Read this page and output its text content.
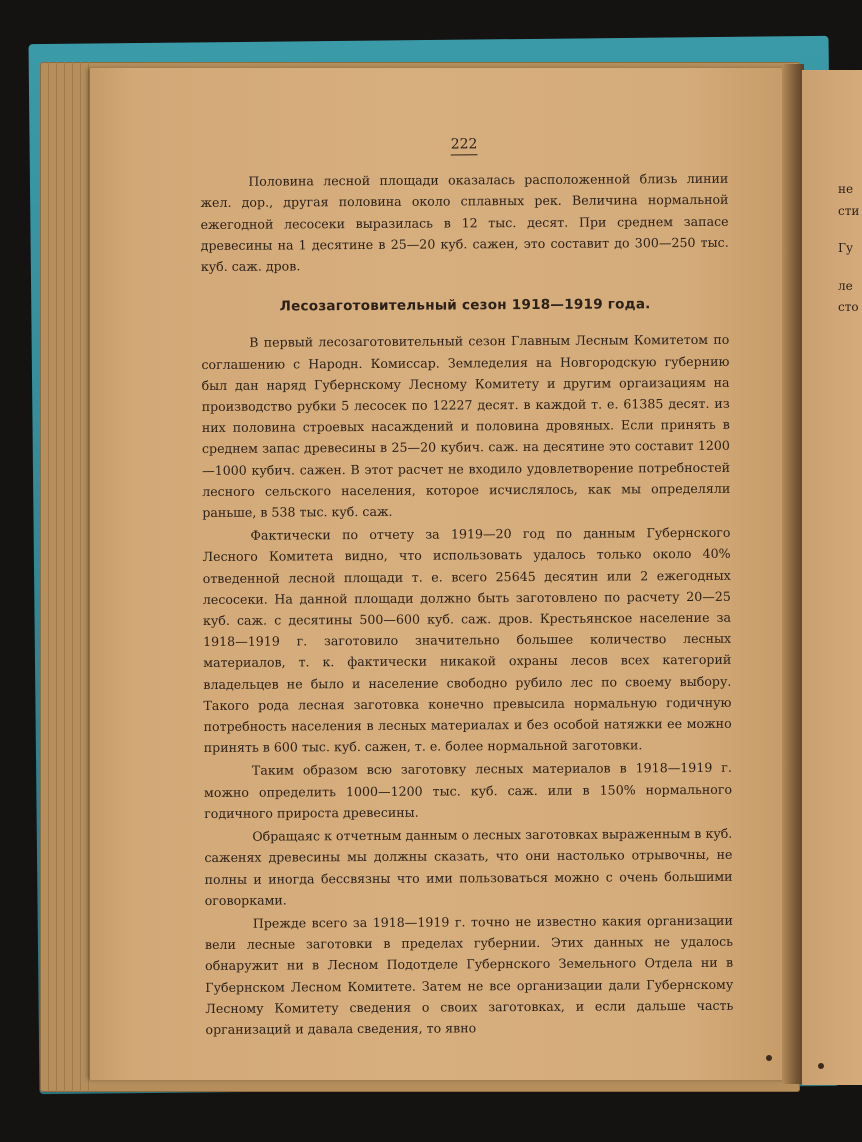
не
сти
Гу
ле
сто
222

Половина лесной площади оказалась расположенной близь линии жел. дор., другая половина около сплавных рек. Величина нормальной ежегодной лесосеки выразилась в 12 тыс. десят. При среднем запасе древесины на 1 десятине в 25—20 куб. сажен, это составит до 300—250 тыс. куб. саж. дров.

Лесозаготовительный сезон 1918—1919 года.

В первый лесозаготовительный сезон Главным Лесным Комитетом по соглашению с Народн. Комиссар. Земледелия на Новгородскую губернию был дан наряд Губернскому Лесному Комитету и другим оргаизациям на производство рубки 5 лесосек по 12227 десят. в каждой т. е. 61385 десят. из них половина строевых насаждений и половина дровяных. Если принять в среднем запас древесины в 25—20 кубич. саж. на десятине это составит 1200—1000 кубич. сажен. В этот расчет не входило удовлетворение потребностей лесного сельского населения, которое исчислялось, как мы определяли раньше, в 538 тыс. куб. саж.

Фактически по отчету за 1919—20 год по данным Губернского Лесного Комитета видно, что использовать удалось только около 40% отведенной лесной площади т. е. всего 25645 десятин или 2 ежегодных лесосеки. На данной площади должно быть заготовлено по расчету 20—25 куб. саж. с десятины 500—600 куб. саж. дров. Крестьянское население за 1918—1919 г. заготовило значительно большее количество лесных материалов, т. к. фактически никакой охраны лесов всех категорий владельцев не было и население свободно рубило лес по своему выбору. Такого рода лесная заготовка конечно превысила нормальную годичную потребность населения в лесных материалах и без особой натяжки ее можно принять в 600 тыс. куб. сажен, т. е. более нормальной заготовки.

Таким образом всю заготовку лесных материалов в 1918—1919 г. можно определить 1000—1200 тыс. куб. саж. или в 150% нормального годичного прироста древесины.

Обращаяс к отчетным данным о лесных заготовках выраженным в куб. саженях древесины мы должны сказать, что они настолько отрывочны, не полны и иногда бессвязны что ими пользоваться можно с очень большими оговорками.

Прежде всего за 1918—1919 г. точно не известно какия организации вели лесные заготовки в пределах губернии. Этих данных не удалось обнаружит ни в Лесном Подотделе Губернского Земельного Отдела ни в Губернском Лесном Комитете. Затем не все организации дали Губернскому Лесному Комитету сведения о своих заготовках, и если дальше часть организаций и давала сведения, то явно
